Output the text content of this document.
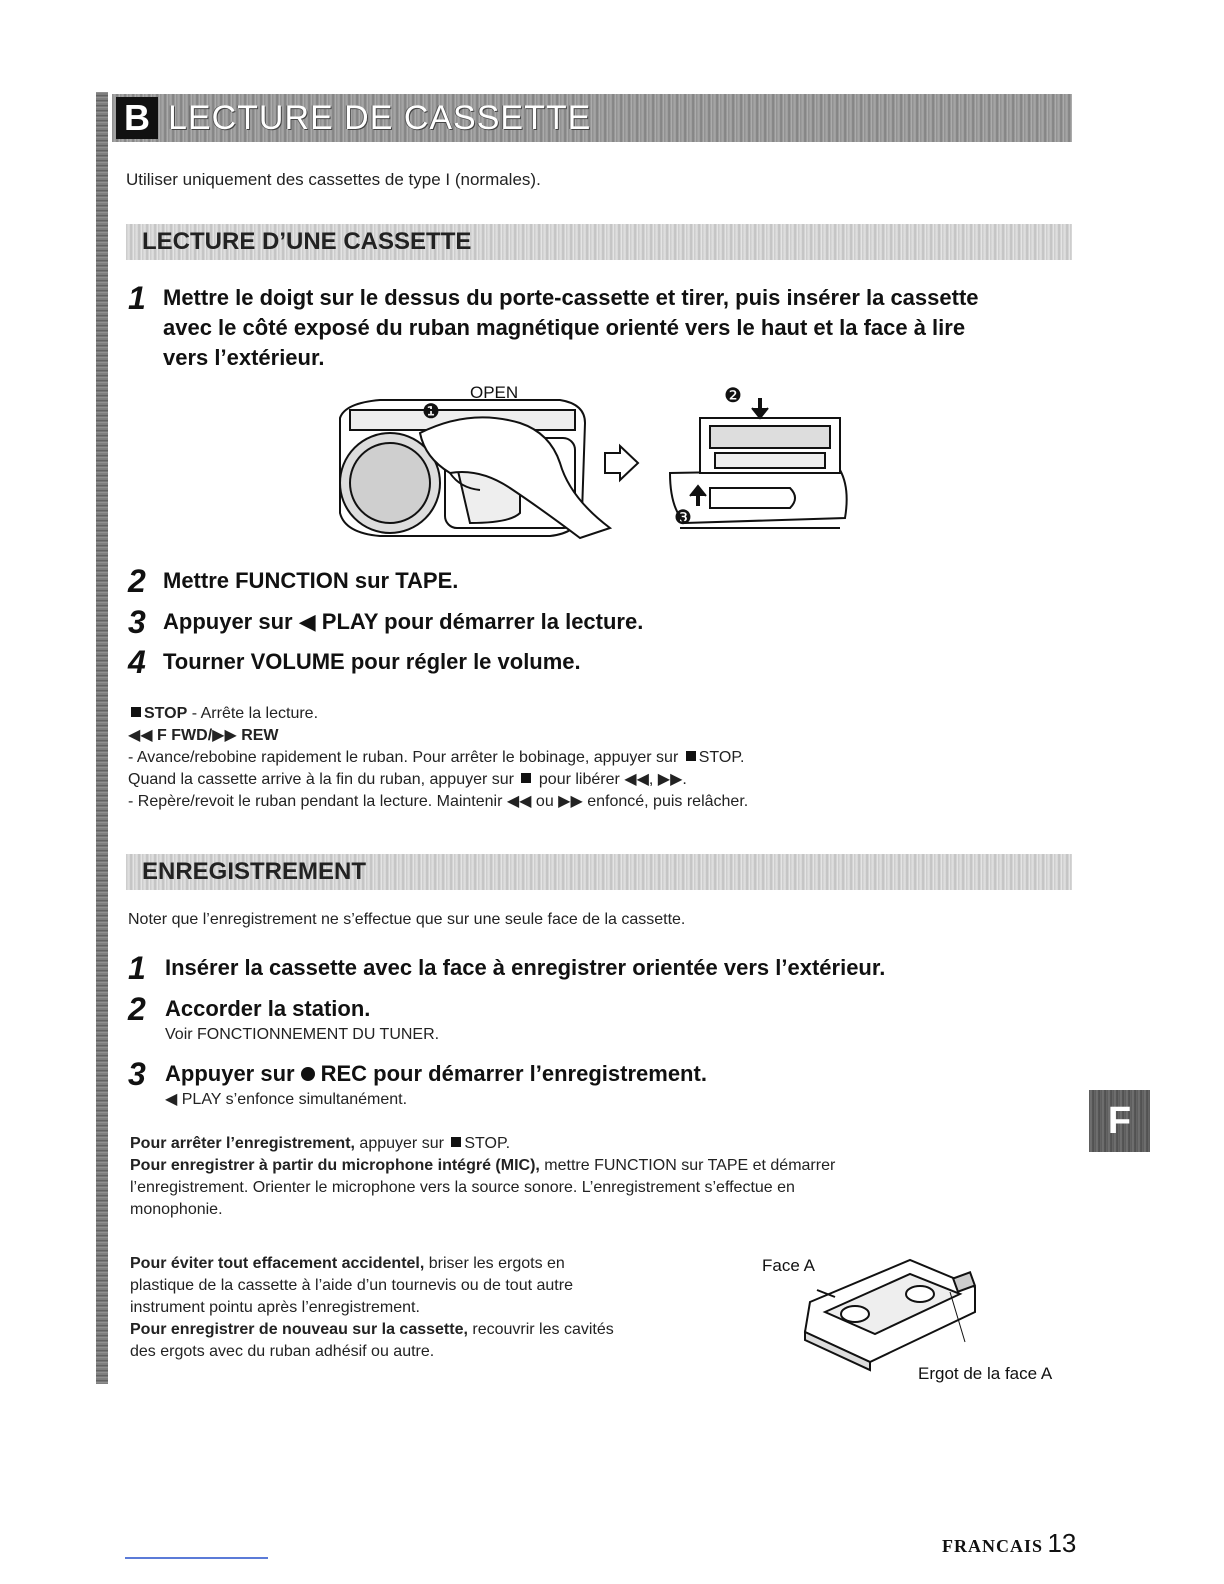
B LECTURE DE CASSETTE
Utiliser uniquement des cassettes de type I (normales).
LECTURE D’UNE CASSETTE
1 Mettre le doigt sur le dessus du porte-cassette et tirer, puis insérer la cassette
avec le côté exposé du ruban magnétique orienté vers le haut et la face à lire
vers l’extérieur.
OPEN
❶
❷
❸
2 Mettre FUNCTION sur TAPE.
3 Appuyer sur ◀ PLAY pour démarrer la lecture.
4 Tourner VOLUME pour régler le volume.
STOP - Arrête la lecture.
◀◀ F FWD/▶▶ REW
- Avancе/rebobine rapidement le ruban. Pour arrêter le bobinage, appuyer sur STOP.
Quand la cassette arrive à la fin du ruban, appuyer sur pour libérer ◀◀, ▶▶.
- Repère/revoit le ruban pendant la lecture. Maintenir ◀◀ ou ▶▶ enfoncé, puis relâcher.
ENREGISTREMENT
Noter que l’enregistrement ne s’effectue que sur une seule face de la cassette.
1 Insérer la cassette avec la face à enregistrer orientée vers l’extérieur.
2 Accorder la station.
Voir FONCTIONNEMENT DU TUNER.
3 Appuyer sur REC pour démarrer l’enregistrement.
◀ PLAY s’enfonce simultanément.
Pour arrêter l’enregistrement, appuyer sur STOP.
Pour enregistrer à partir du microphone intégré (MIC), mettre FUNCTION sur TAPE et démarrer
l’enregistrement. Orienter le microphone vers la source sonore. L’enregistrement s’effectue en
monophonie.
Pour éviter tout effacement accidentel, briser les ergots en
plastique de la cassette à l’aide d’un tournevis ou de tout autre
instrument pointu après l’enregistrement.
Pour enregistrer de nouveau sur la cassette, recouvrir les cavités
des ergots avec du ruban adhésif ou autre.
Face A
Ergot de la face A
F
FRANCAIS 13
